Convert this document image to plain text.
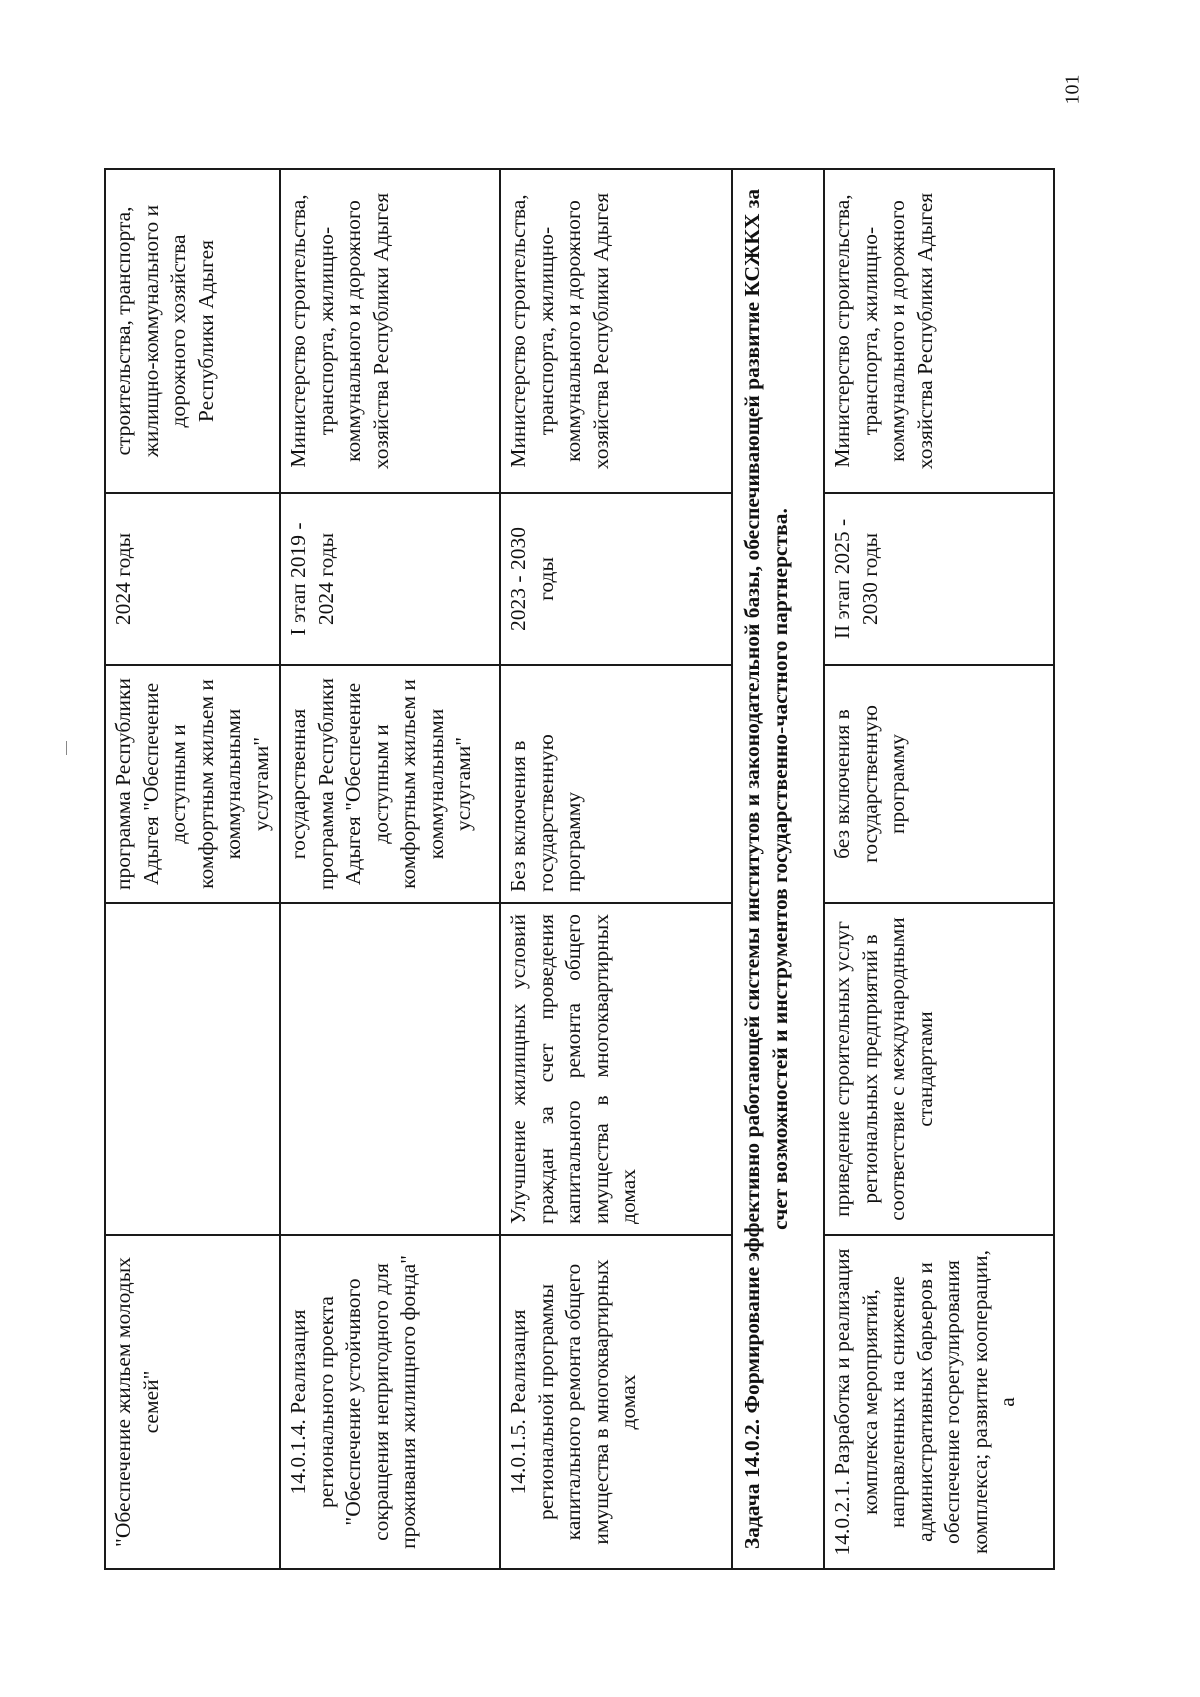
101
"Обеспечение жильем молодых семей"		программа Республики Адыгея "Обеспечение доступным и комфортным жильем и коммунальными услугами"	2024 годы	строительства, транспорта, жилищно-коммунального и дорожного хозяйства Республики Адыгея
14.0.1.4. Реализация регионального проекта "Обеспечение устойчивого сокращения непригодного для проживания жилищного фонда"		государственная программа Республики Адыгея "Обеспечение доступным и комфортным жильем и коммунальными услугами"	I этап 2019 - 2024 годы	Министерство строительства, транспорта, жилищно-коммунального и дорожного хозяйства Республики Адыгея
14.0.1.5. Реализация региональной программы капитального ремонта общего имущества в многоквартирных домах	Улучшение жилищных условий граждан за счет проведения капитального ремонта общего имущества в многоквартирных домах	Без включения в государственную программу	2023 - 2030 годы	Министерство строительства, транспорта, жилищно-коммунального и дорожного хозяйства Республики Адыгея
Задача 14.0.2. Формирование эффективно работающей системы институтов и законодательной базы, обеспечивающей развитие КСЖКХ за счет возможностей и инструментов государственно-частного партнерства.				
14.0.2.1. Разработка и реализация комплекса мероприятий, направленных на снижение административных барьеров и обеспечение госрегулирования комплекса; развитие кооперации, а	приведение строительных услуг региональных предприятий в соответствие с международными стандартами	без включения в государственную программу	II этап 2025 - 2030 годы	Министерство строительства, транспорта, жилищно-коммунального и дорожного хозяйства Республики Адыгея
